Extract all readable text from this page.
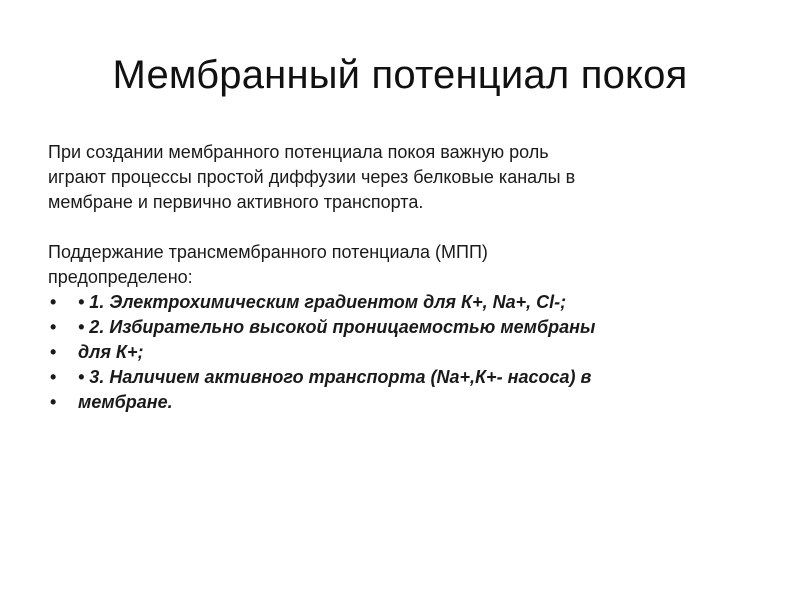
Мембранный потенциал покоя

При создании мембранного потенциала покоя важную роль
играют процессы простой диффузии через белковые каналы в
мембране и первично активного транспорта.

Поддержание трансмембранного потенциала (МПП)
предопределено:

• • 1. Электрохимическим градиентом для К+, Na+, Cl-;
• • 2. Избирательно высокой проницаемостью мембраны
• для К+;
• • 3. Наличием активного транспорта (Na+,К+- насоса) в
• мембране.
